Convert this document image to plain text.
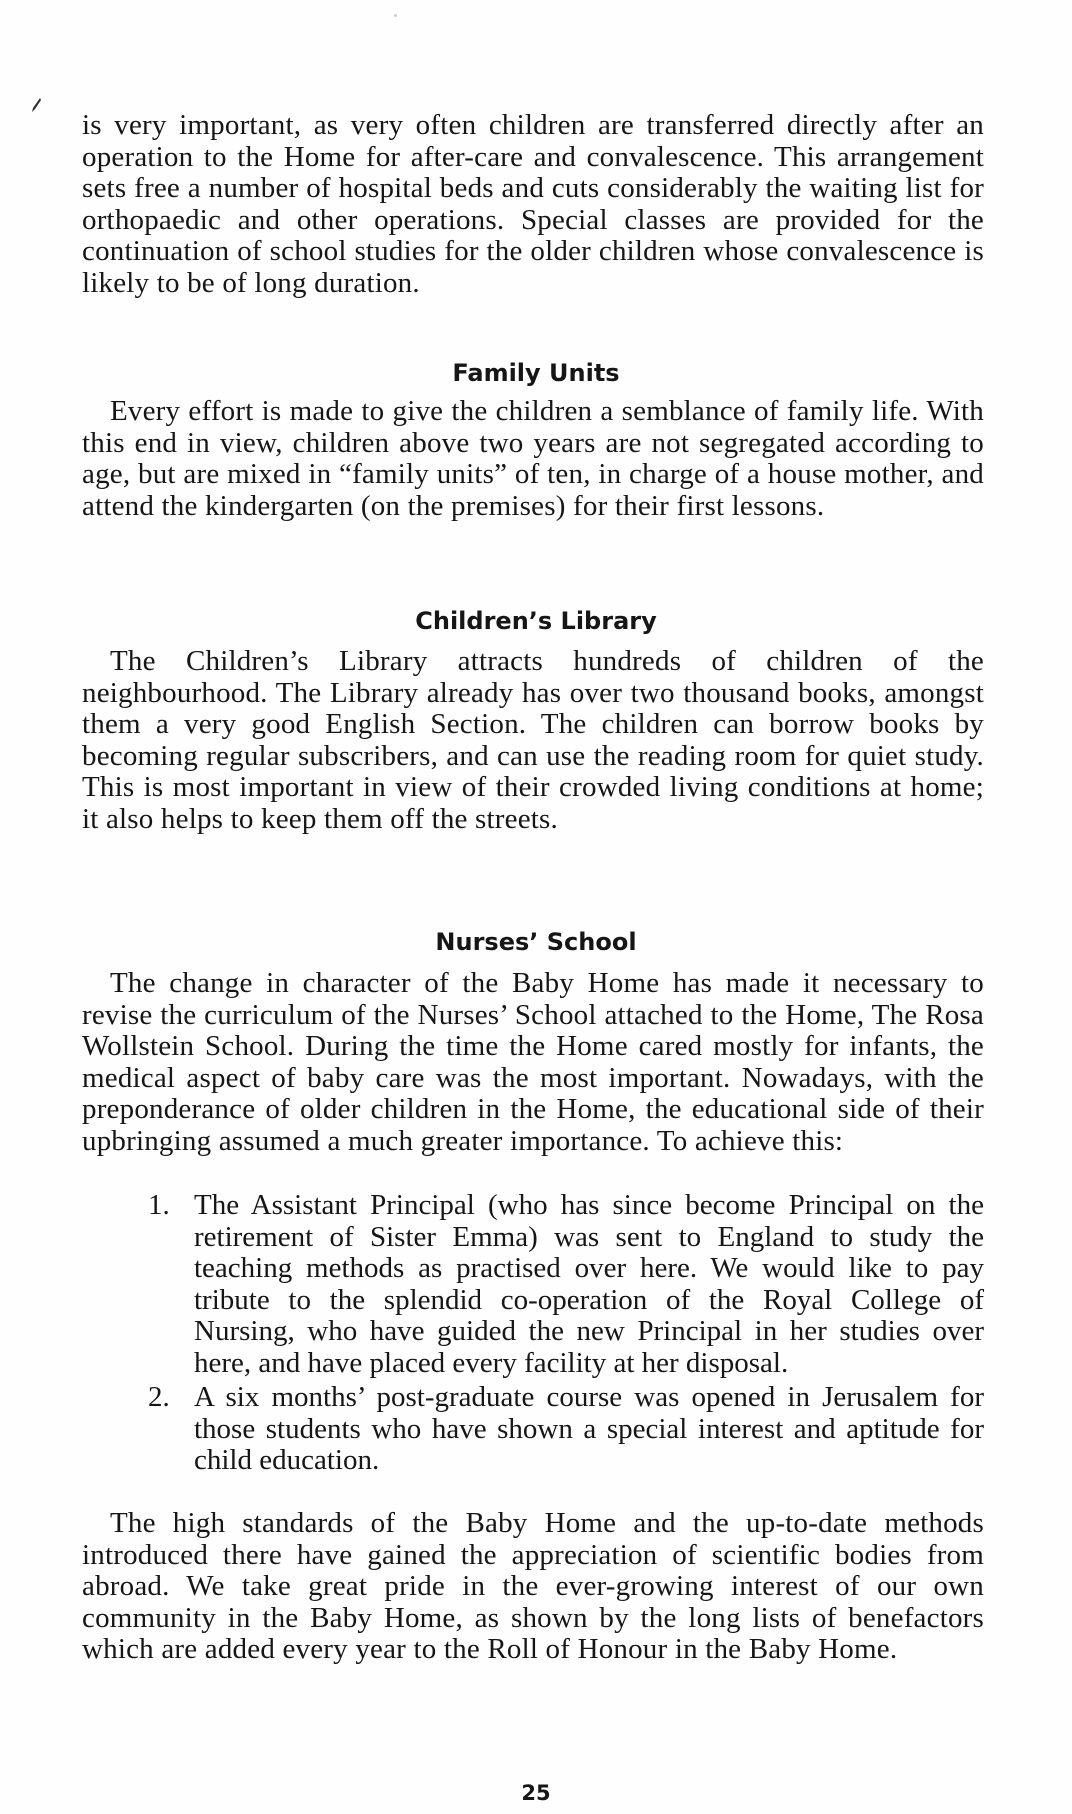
is very important, as very often children are transferred directly after an operation to the Home for after-care and convalescence. This arrangement sets free a number of hospital beds and cuts considerably the waiting list for orthopaedic and other operations. Special classes are provided for the continuation of school studies for the older children whose convalescence is likely to be of long duration.

Family Units

Every effort is made to give the children a semblance of family life. With this end in view, children above two years are not segregated according to age, but are mixed in “family units” of ten, in charge of a house mother, and attend the kindergarten (on the premises) for their first lessons.

Children’s Library

The Children’s Library attracts hundreds of children of the neighbourhood. The Library already has over two thousand books, amongst them a very good English Section. The children can borrow books by becoming regular subscribers, and can use the reading room for quiet study. This is most important in view of their crowded living conditions at home; it also helps to keep them off the streets.

Nurses’ School

The change in character of the Baby Home has made it necessary to revise the curriculum of the Nurses’ School attached to the Home, The Rosa Wollstein School. During the time the Home cared mostly for infants, the medical aspect of baby care was the most important. Nowadays, with the preponderance of older children in the Home, the educational side of their upbringing assumed a much greater importance. To achieve this:

1. The Assistant Principal (who has since become Principal on the retirement of Sister Emma) was sent to England to study the teaching methods as practised over here. We would like to pay tribute to the splendid co-operation of the Royal College of Nursing, who have guided the new Principal in her studies over here, and have placed every facility at her disposal.
2. A six months’ post-graduate course was opened in Jerusalem for those students who have shown a special interest and aptitude for child education.

The high standards of the Baby Home and the up-to-date methods introduced there have gained the appreciation of scientific bodies from abroad. We take great pride in the ever-growing interest of our own community in the Baby Home, as shown by the long lists of benefactors which are added every year to the Roll of Honour in the Baby Home.

25
